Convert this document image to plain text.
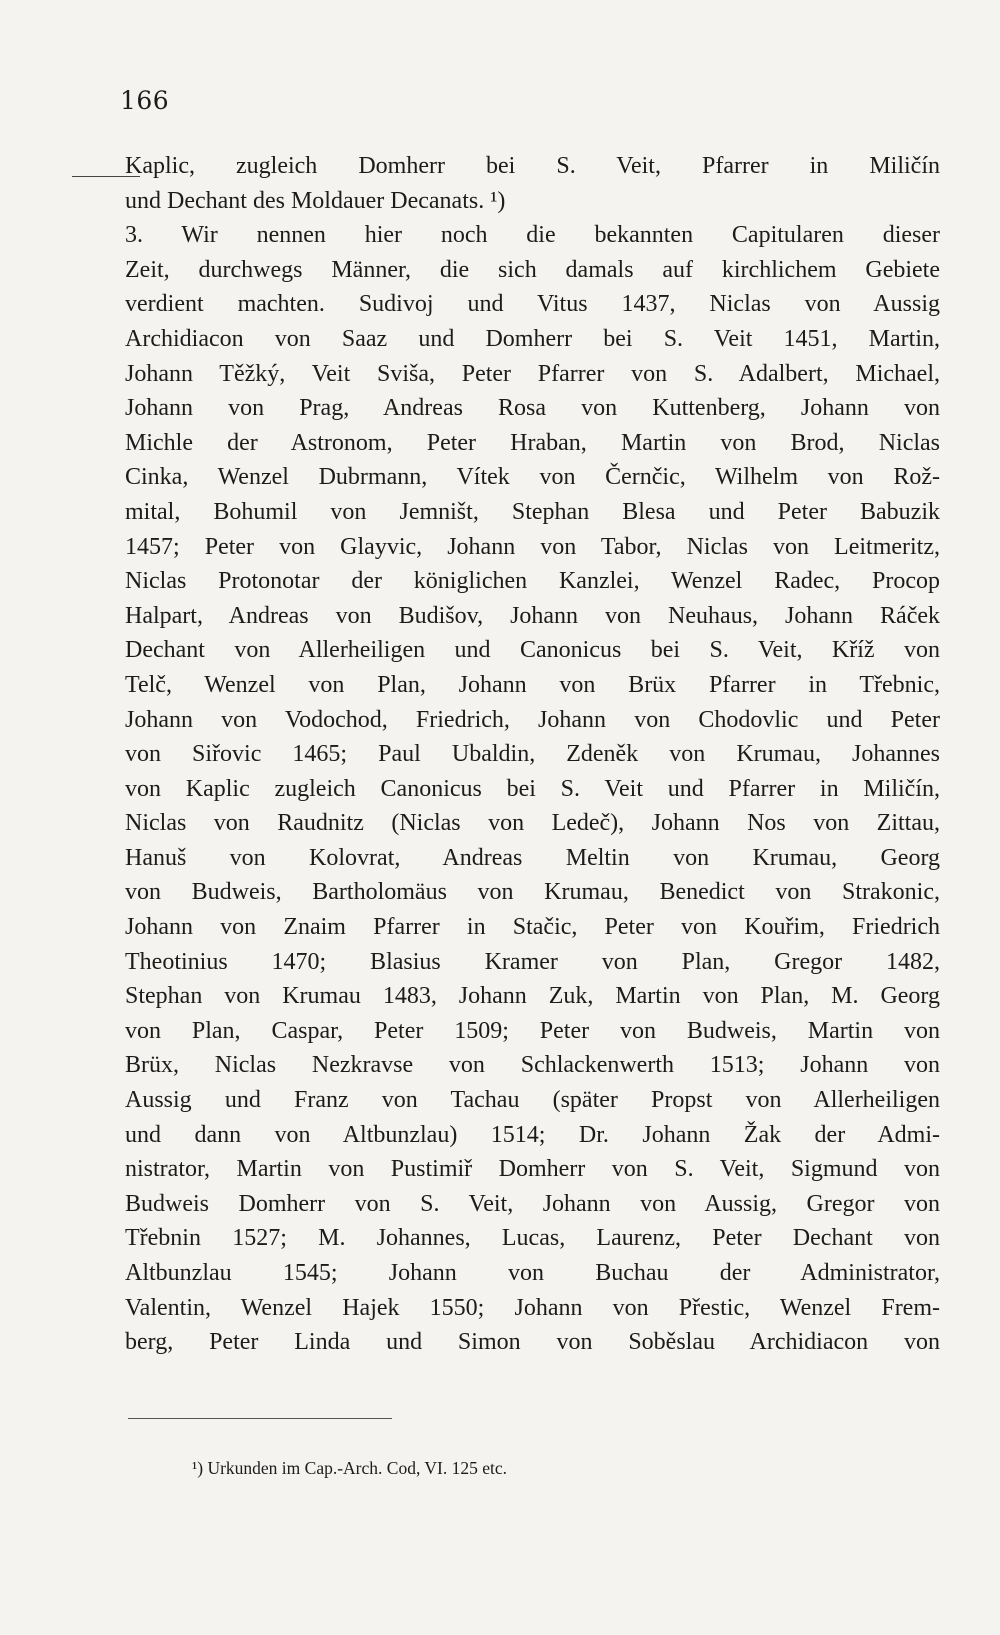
166
Kaplic, zugleich Domherr bei S. Veit, Pfarrer in Miličín
und Dechant des Moldauer Decanats. ¹)
3. Wir nennen hier noch die bekannten Capitularen dieser
Zeit, durchwegs Männer, die sich damals auf kirchlichem Gebiete
verdient machten. Sudivoj und Vitus 1437, Niclas von Aussig
Archidiacon von Saaz und Domherr bei S. Veit 1451, Martin,
Johann Těžký, Veit Sviša, Peter Pfarrer von S. Adalbert, Michael,
Johann von Prag, Andreas Rosa von Kuttenberg, Johann von
Michle der Astronom, Peter Hraban, Martin von Brod, Niclas
Cinka, Wenzel Dubrmann, Vítek von Černčic, Wilhelm von Rož-
mital, Bohumil von Jemništ, Stephan Blesa und Peter Babuzik
1457; Peter von Glayvic, Johann von Tabor, Niclas von Leitmeritz,
Niclas Protonotar der königlichen Kanzlei, Wenzel Radec, Procop
Halpart, Andreas von Budišov, Johann von Neuhaus, Johann Ráček
Dechant von Allerheiligen und Canonicus bei S. Veit, Kříž von
Telč, Wenzel von Plan, Johann von Brüx Pfarrer in Třebnic,
Johann von Vodochod, Friedrich, Johann von Chodovlic und Peter
von Siřovic 1465; Paul Ubaldin, Zdeněk von Krumau, Johannes
von Kaplic zugleich Canonicus bei S. Veit und Pfarrer in Miličín,
Niclas von Raudnitz (Niclas von Ledeč), Johann Nos von Zittau,
Hanuš von Kolovrat, Andreas Meltin von Krumau, Georg
von Budweis, Bartholomäus von Krumau, Benedict von Strakonic,
Johann von Znaim Pfarrer in Stačic, Peter von Kouřim, Friedrich
Theotinius 1470; Blasius Kramer von Plan, Gregor 1482,
Stephan von Krumau 1483, Johann Zuk, Martin von Plan, M. Georg
von Plan, Caspar, Peter 1509; Peter von Budweis, Martin von
Brüx, Niclas Nezkravse von Schlackenwerth 1513; Johann von
Aussig und Franz von Tachau (später Propst von Allerheiligen
und dann von Altbunzlau) 1514; Dr. Johann Žak der Admi-
nistrator, Martin von Pustimiř Domherr von S. Veit, Sigmund von
Budweis Domherr von S. Veit, Johann von Aussig, Gregor von
Třebnin 1527; M. Johannes, Lucas, Laurenz, Peter Dechant von
Altbunzlau 1545; Johann von Buchau der Administrator,
Valentin, Wenzel Hajek 1550; Johann von Přestic, Wenzel Frem-
berg, Peter Linda und Simon von Soběslau Archidiacon von
¹) Urkunden im Cap.-Arch. Cod, VI. 125 etc.
